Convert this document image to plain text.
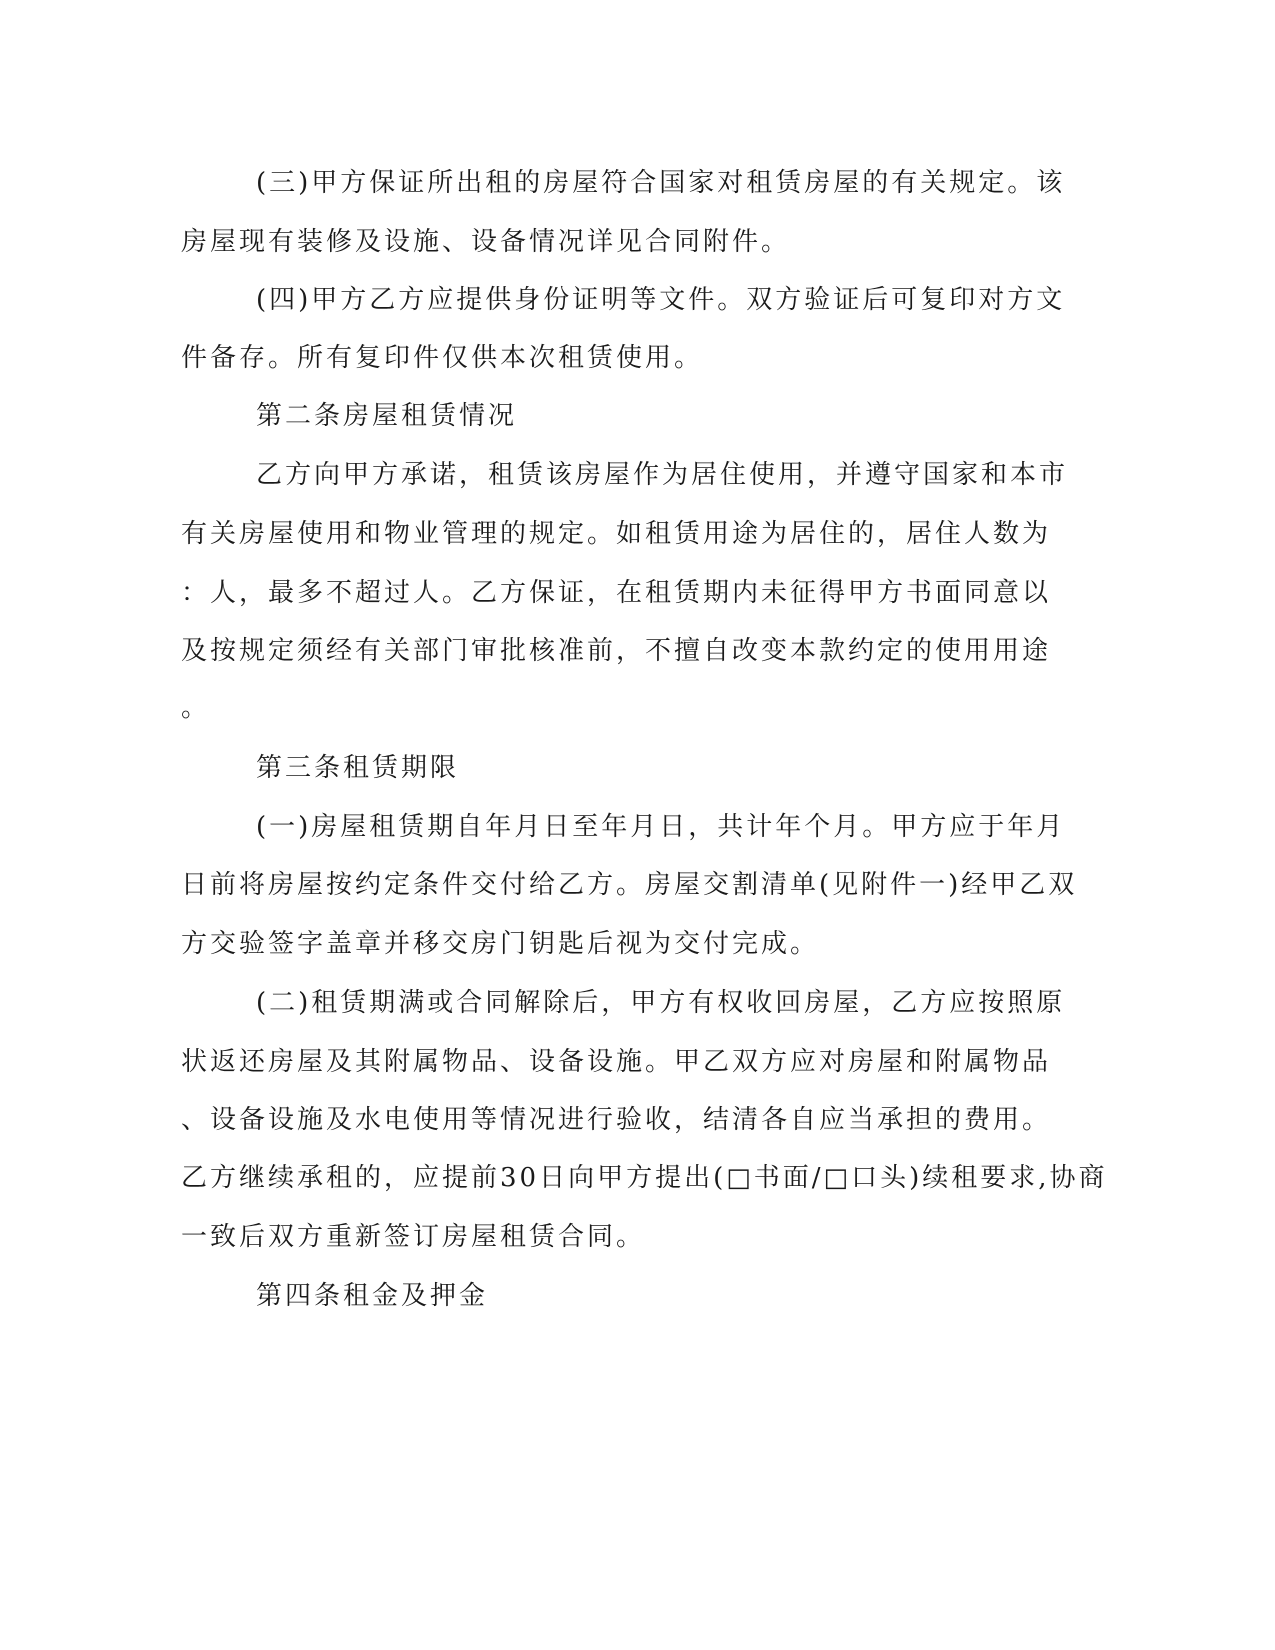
(三)甲方保证所出租的房屋符合国家对租赁房屋的有关规定。该
房屋现有装修及设施、设备情况详见合同附件。
(四)甲方乙方应提供身份证明等文件。双方验证后可复印对方文
件备存。所有复印件仅供本次租赁使用。
第二条房屋租赁情况
乙方向甲方承诺，租赁该房屋作为居住使用，并遵守国家和本市
有关房屋使用和物业管理的规定。如租赁用途为居住的，居住人数为
：人，最多不超过人。乙方保证，在租赁期内未征得甲方书面同意以
及按规定须经有关部门审批核准前，不擅自改变本款约定的使用用途
。
第三条租赁期限
(一)房屋租赁期自年月日至年月日，共计年个月。甲方应于年月
日前将房屋按约定条件交付给乙方。房屋交割清单(见附件一)经甲乙双
方交验签字盖章并移交房门钥匙后视为交付完成。
(二)租赁期满或合同解除后，甲方有权收回房屋，乙方应按照原
状返还房屋及其附属物品、设备设施。甲乙双方应对房屋和附属物品
、设备设施及水电使用等情况进行验收，结清各自应当承担的费用。
乙方继续承租的，应提前30日向甲方提出(□书面/□口头)续租要求,协商
一致后双方重新签订房屋租赁合同。
第四条租金及押金
